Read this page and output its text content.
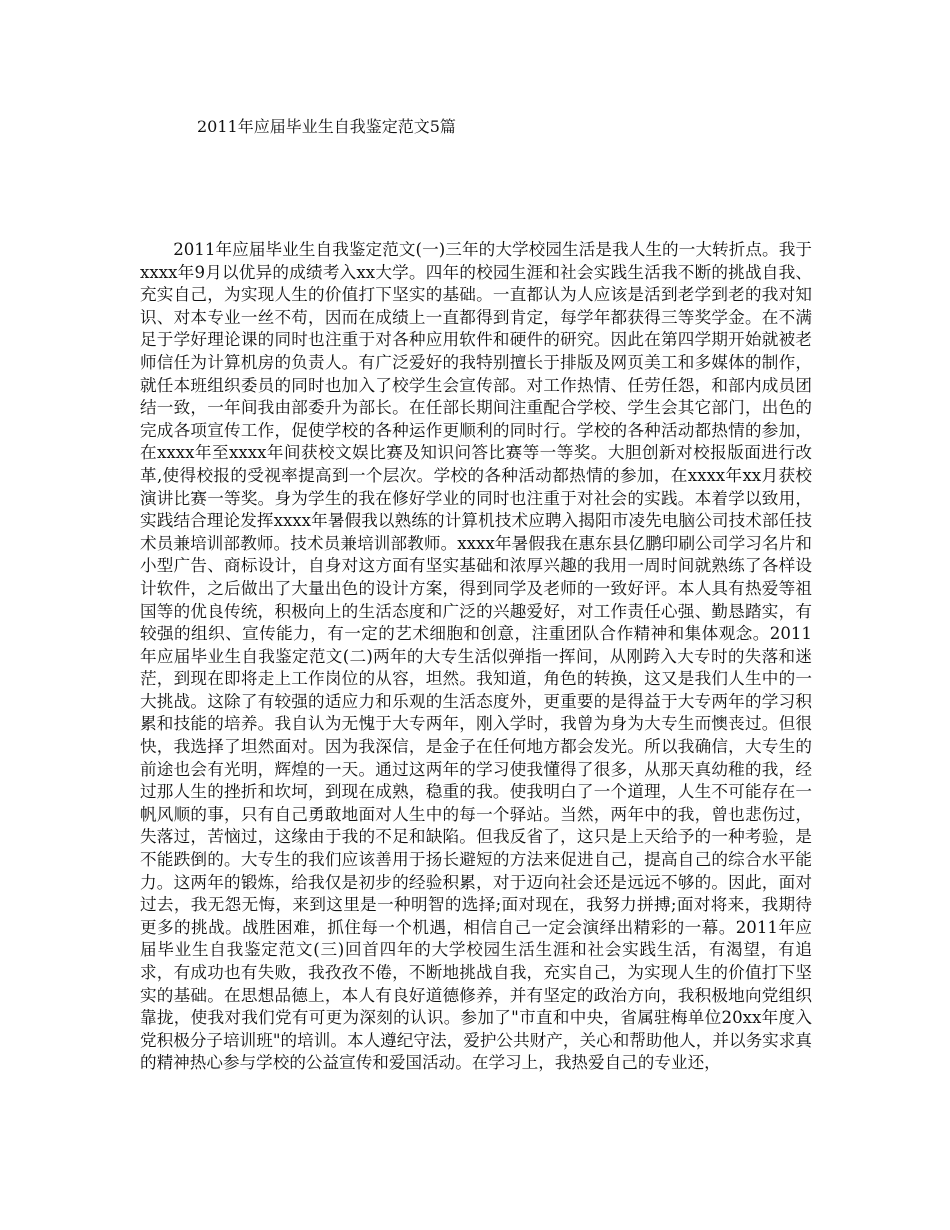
2011年应届毕业生自我鉴定范文5篇

2011年应届毕业生自我鉴定范文(一)三年的大学校园生活是我人生的一大转折点。我于xxxx年9月以优异的成绩考入xx大学。四年的校园生涯和社会实践生活我不断的挑战自我、充实自己，为实现人生的价值打下坚实的基础。一直都认为人应该是活到老学到老的我对知识、对本专业一丝不苟，因而在成绩上一直都得到肯定，每学年都获得三等奖学金。在不满足于学好理论课的同时也注重于对各种应用软件和硬件的研究。因此在第四学期开始就被老师信任为计算机房的负责人。有广泛爱好的我特别擅长于排版及网页美工和多媒体的制作，就任本班组织委员的同时也加入了校学生会宣传部。对工作热情、任劳任怨，和部内成员团结一致，一年间我由部委升为部长。在任部长期间注重配合学校、学生会其它部门，出色的完成各项宣传工作，促使学校的各种运作更顺利的同时行。学校的各种活动都热情的参加，在xxxx年至xxxx年间获校文娱比赛及知识问答比赛等一等奖。大胆创新对校报版面进行改革,使得校报的受视率提高到一个层次。学校的各种活动都热情的参加，在xxxx年xx月获校演讲比赛一等奖。身为学生的我在修好学业的同时也注重于对社会的实践。本着学以致用，实践结合理论发挥xxxx年暑假我以熟练的计算机技术应聘入揭阳市凌先电脑公司技术部任技术员兼培训部教师。技术员兼培训部教师。xxxx年暑假我在惠东县亿鹏印刷公司学习名片和小型广告、商标设计，自身对这方面有坚实基础和浓厚兴趣的我用一周时间就熟练了各样设计软件，之后做出了大量出色的设计方案，得到同学及老师的一致好评。本人具有热爱等祖国等的优良传统，积极向上的生活态度和广泛的兴趣爱好，对工作责任心强、勤恳踏实，有较强的组织、宣传能力，有一定的艺术细胞和创意，注重团队合作精神和集体观念。2011年应届毕业生自我鉴定范文(二)两年的大专生活似弹指一挥间，从刚跨入大专时的失落和迷茫，到现在即将走上工作岗位的从容，坦然。我知道，角色的转换，这又是我们人生中的一大挑战。这除了有较强的适应力和乐观的生活态度外，更重要的是得益于大专两年的学习积累和技能的培养。我自认为无愧于大专两年，刚入学时，我曾为身为大专生而懊丧过。但很快，我选择了坦然面对。因为我深信，是金子在任何地方都会发光。所以我确信，大专生的前途也会有光明，辉煌的一天。通过这两年的学习使我懂得了很多，从那天真幼稚的我，经过那人生的挫折和坎坷，到现在成熟，稳重的我。使我明白了一个道理，人生不可能存在一帆风顺的事，只有自己勇敢地面对人生中的每一个驿站。当然，两年中的我，曾也悲伤过，失落过，苦恼过，这缘由于我的不足和缺陷。但我反省了，这只是上天给予的一种考验，是不能跌倒的。大专生的我们应该善用于扬长避短的方法来促进自己，提高自己的综合水平能力。这两年的锻炼，给我仅是初步的经验积累，对于迈向社会还是远远不够的。因此，面对过去，我无怨无悔，来到这里是一种明智的选择;面对现在，我努力拼搏;面对将来，我期待更多的挑战。战胜困难，抓住每一个机遇，相信自己一定会演绎出精彩的一幕。2011年应届毕业生自我鉴定范文(三)回首四年的大学校园生活生涯和社会实践生活，有渴望，有追求，有成功也有失败，我孜孜不倦，不断地挑战自我，充实自己，为实现人生的价值打下坚实的基础。在思想品德上，本人有良好道德修养，并有坚定的政治方向，我积极地向党组织靠拢，使我对我们党有可更为深刻的认识。参加了"市直和中央，省属驻梅单位20xx年度入党积极分子培训班"的培训。本人遵纪守法，爱护公共财产，关心和帮助他人，并以务实求真的精神热心参与学校的公益宣传和爱国活动。在学习上，我热爱自己的专业还，
